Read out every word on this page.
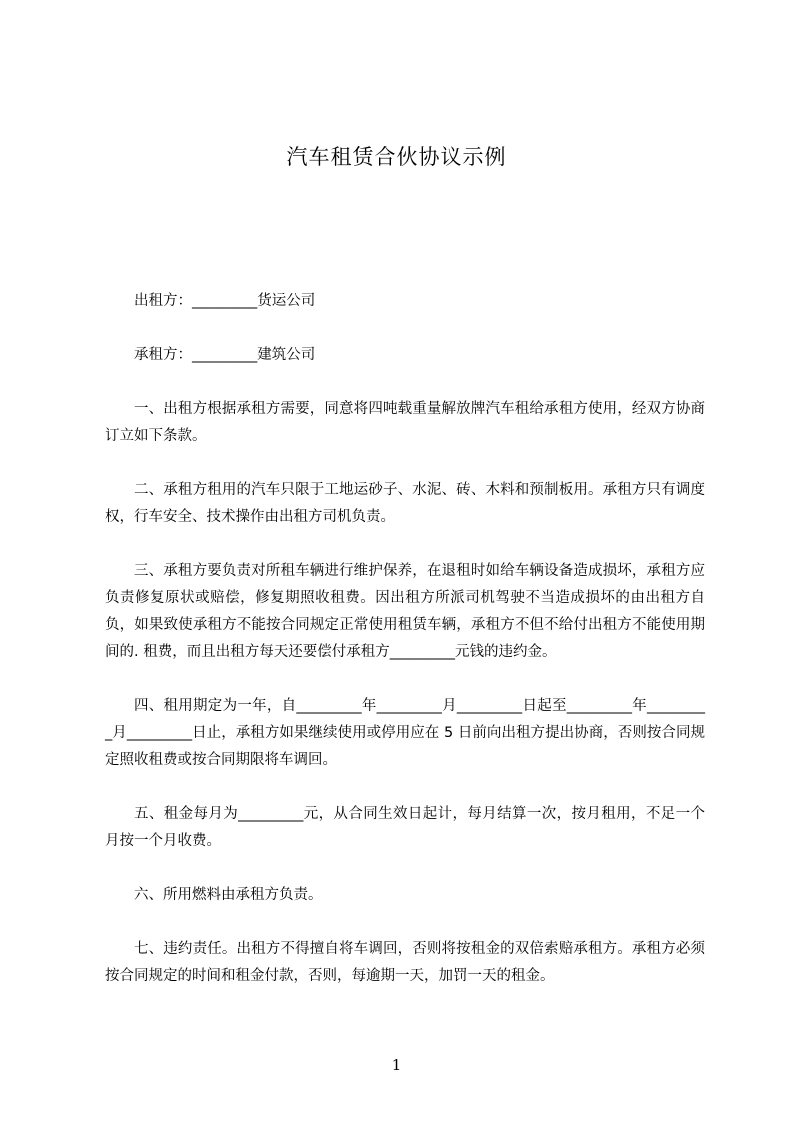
汽车租赁合伙协议示例

出租方：_________货运公司

承租方：_________建筑公司

一、出租方根据承租方需要，同意将四吨载重量解放牌汽车租给承租方使用，经双方协商订立如下条款。

二、承租方租用的汽车只限于工地运砂子、水泥、砖、木料和预制板用。承租方只有调度权，行车安全、技术操作由出租方司机负责。

三、承租方要负责对所租车辆进行维护保养，在退租时如给车辆设备造成损坏，承租方应负责修复原状或赔偿，修复期照收租费。因出租方所派司机驾驶不当造成损坏的由出租方自负，如果致使承租方不能按合同规定正常使用租赁车辆，承租方不但不给付出租方不能使用期间的. 租费，而且出租方每天还要偿付承租方_________元钱的违约金。

四、租用期定为一年，自_________年_________月_________日起至_________年_________月_________日止，承租方如果继续使用或停用应在 5 日前向出租方提出协商，否则按合同规定照收租费或按合同期限将车调回。

五、租金每月为_________元，从合同生效日起计，每月结算一次，按月租用，不足一个月按一个月收费。

六、所用燃料由承租方负责。

七、违约责任。出租方不得擅自将车调回，否则将按租金的双倍索赔承租方。承租方必须按合同规定的时间和租金付款，否则，每逾期一天，加罚一天的租金。

1
